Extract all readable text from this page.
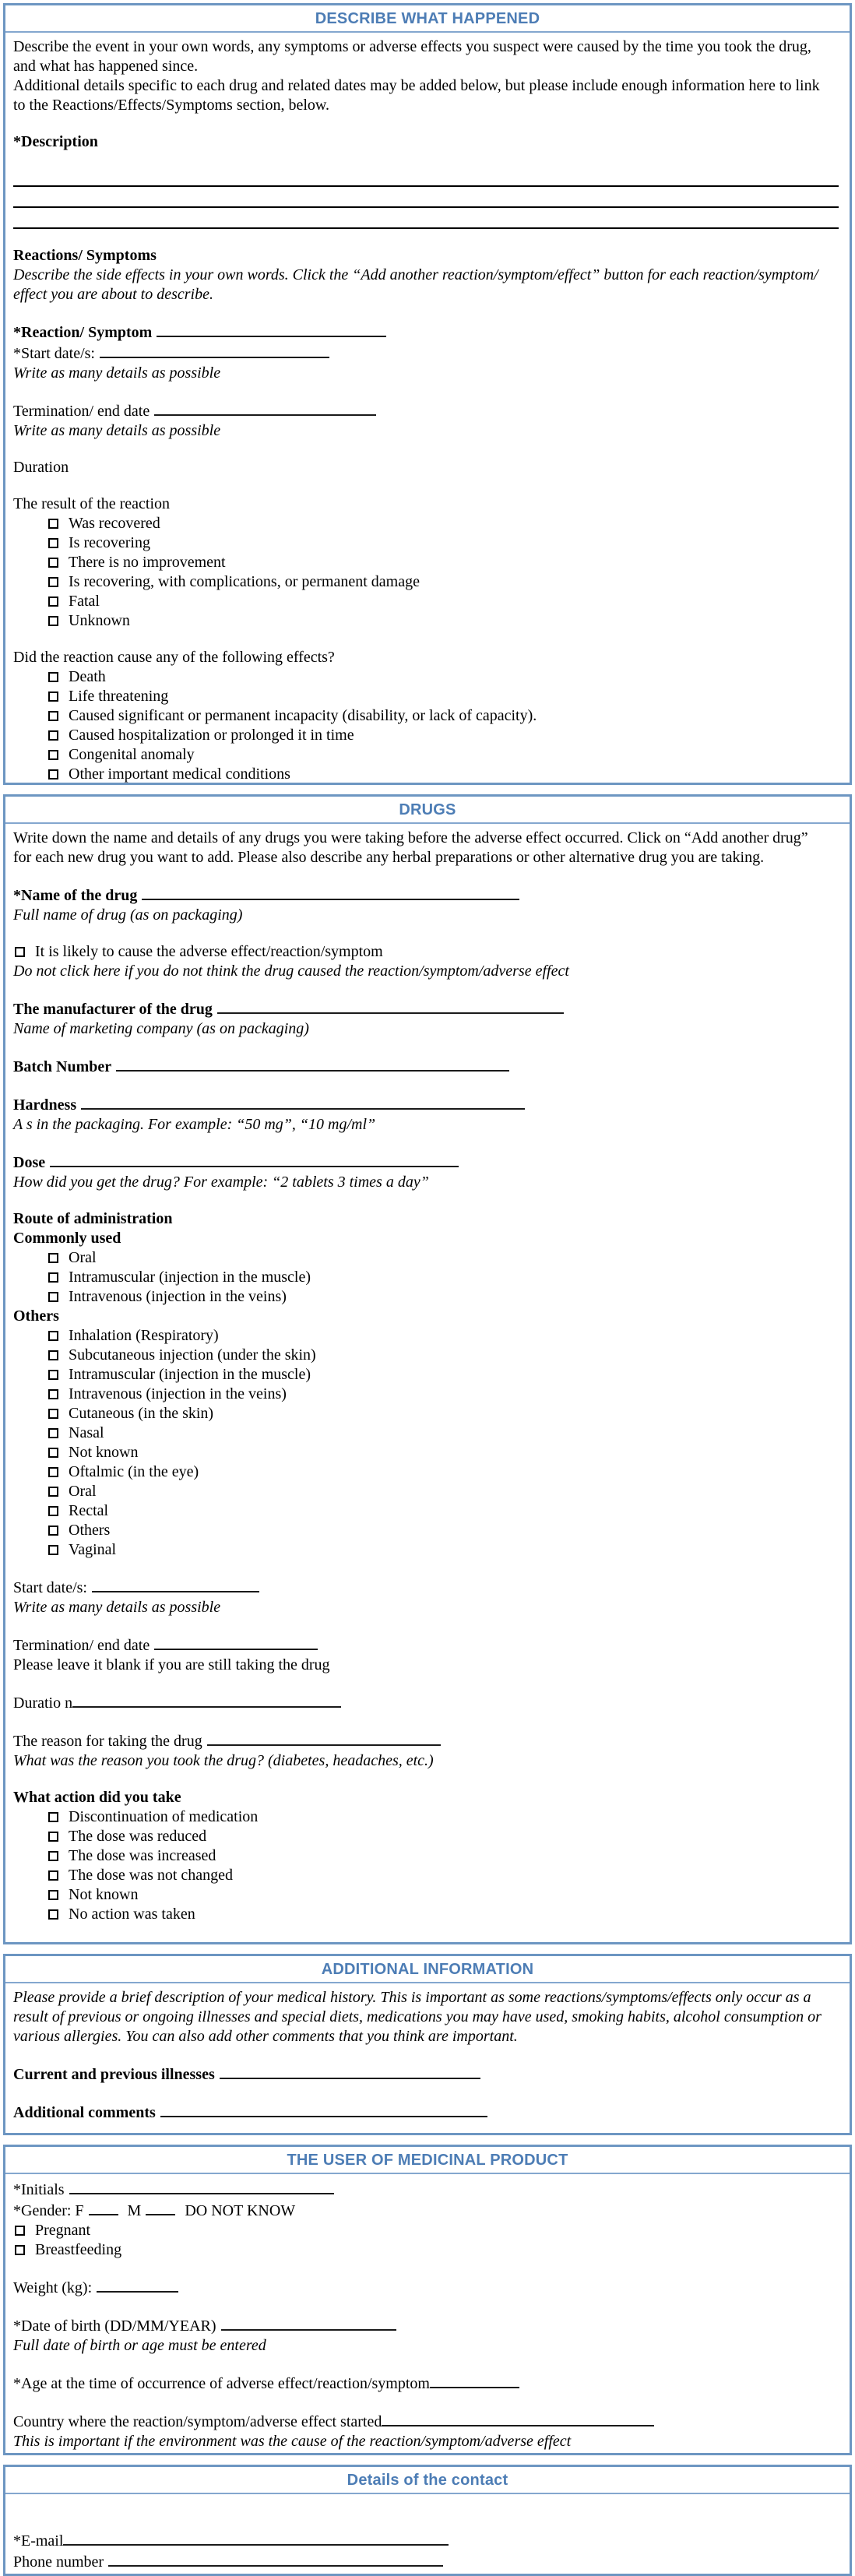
DESCRIBE WHAT HAPPENED

Describe the event in your own words, any symptoms or adverse effects you suspect were caused by the time you took the drug, and what has happened since.

Additional details specific to each drug and related dates may be added below, but please include enough information here to link to the Reactions/Effects/Symptoms section, below.

*Description
Reactions/ Symptoms

Describe the side effects in your own words. Click the “Add another reaction/symptom/effect” button for each reaction/symptom/ effect you are about to describe.

*Reaction/ Symptom
*Start date/s:
Write as many details as possible
Termination/ end date
Write as many details as possible
Duration
The result of the reaction
Was recovered
Is recovering
There is no improvement
Is recovering, with complications, or permanent damage
Fatal
Unknown
Did the reaction cause any of the following effects?
Death
Life threatening
Caused significant or permanent incapacity (disability, or lack of capacity).
Caused hospitalization or prolonged it in time
Congenital anomaly
Other important medical conditions
DRUGS

Write down the name and details of any drugs you were taking before the adverse effect occurred. Click on “Add another drug” for each new drug you want to add. Please also describe any herbal preparations or other alternative drug you are taking.

*Name of the drug
Full name of drug (as on packaging)
It is likely to cause the adverse effect/reaction/symptom
Do not click here if you do not think the drug caused the reaction/symptom/adverse effect
The manufacturer of the drug
Name of marketing company (as on packaging)
Batch Number
Hardness
A s in the packaging. For example: “50 mg”, “10 mg/ml”
Dose
How did you get the drug? For example: “2 tablets 3 times a day”
Route of administration
Commonly used
Oral
Intramuscular (injection in the muscle)
Intravenous (injection in the veins)
Others
Inhalation (Respiratory)
Subcutaneous injection (under the skin)
Intramuscular (injection in the muscle)
Intravenous (injection in the veins)
Cutaneous (in the skin)
Nasal
Not known
Oftalmic (in the eye)
Oral
Rectal
Others
Vaginal
Start date/s:
Write as many details as possible
Termination/ end date
Please leave it blank if you are still taking the drug
Duratio n
The reason for taking the drug
What was the reason you took the drug? (diabetes, headaches, etc.)
What action did you take
Discontinuation of medication
The dose was reduced
The dose was increased
The dose was not changed
Not known
No action was taken
ADDITIONAL INFORMATION

Please provide a brief description of your medical history. This is important as some reactions/symptoms/effects only occur as a result of previous or ongoing illnesses and special diets, medications you may have used, smoking habits, alcohol consumption or various allergies. You can also add other comments that you think are important.

Current and previous illnesses
Additional comments
THE USER OF MEDICINAL PRODUCT
*Initials
*Gender: F	M	DO NOT KNOW
Pregnant
Breastfeeding
Weight (kg):
*Date of birth (DD/MM/YEAR)
Full date of birth or age must be entered
*Age at the time of occurrence of adverse effect/reaction/symptom
Country where the reaction/symptom/adverse effect started
This is important if the environment was the cause of the reaction/symptom/adverse effect
Details of the contact
*E-mail
Phone number
